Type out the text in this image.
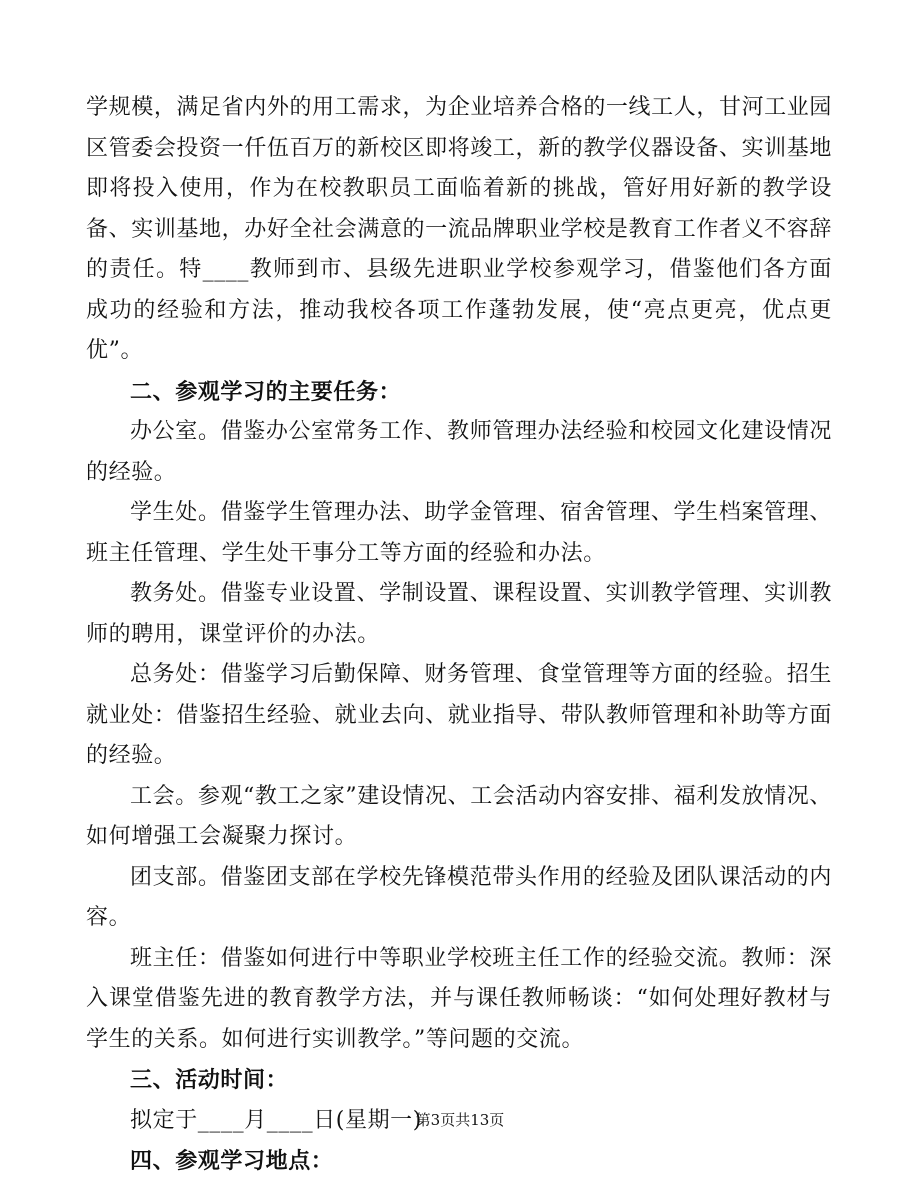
学规模，满足省内外的用工需求，为企业培养合格的一线工人，甘河工业园区管委会投资一仟伍百万的新校区即将竣工，新的教学仪器设备、实训基地即将投入使用，作为在校教职员工面临着新的挑战，管好用好新的教学设备、实训基地，办好全社会满意的一流品牌职业学校是教育工作者义不容辞的责任。特____教师到市、县级先进职业学校参观学习，借鉴他们各方面成功的经验和方法，推动我校各项工作蓬勃发展，使“亮点更亮，优点更优”。

二、参观学习的主要任务：

办公室。借鉴办公室常务工作、教师管理办法经验和校园文化建设情况的经验。

学生处。借鉴学生管理办法、助学金管理、宿舍管理、学生档案管理、班主任管理、学生处干事分工等方面的经验和办法。

教务处。借鉴专业设置、学制设置、课程设置、实训教学管理、实训教师的聘用，课堂评价的办法。

总务处：借鉴学习后勤保障、财务管理、食堂管理等方面的经验。招生就业处：借鉴招生经验、就业去向、就业指导、带队教师管理和补助等方面的经验。

工会。参观“教工之家”建设情况、工会活动内容安排、福利发放情况、如何增强工会凝聚力探讨。

团支部。借鉴团支部在学校先锋模范带头作用的经验及团队课活动的内容。

班主任：借鉴如何进行中等职业学校班主任工作的经验交流。教师：深入课堂借鉴先进的教育教学方法，并与课任教师畅谈：“如何处理好教材与学生的关系。如何进行实训教学。”等问题的交流。

三、活动时间：

拟定于____月____日(星期一)

四、参观学习地点：

第3页共13页
